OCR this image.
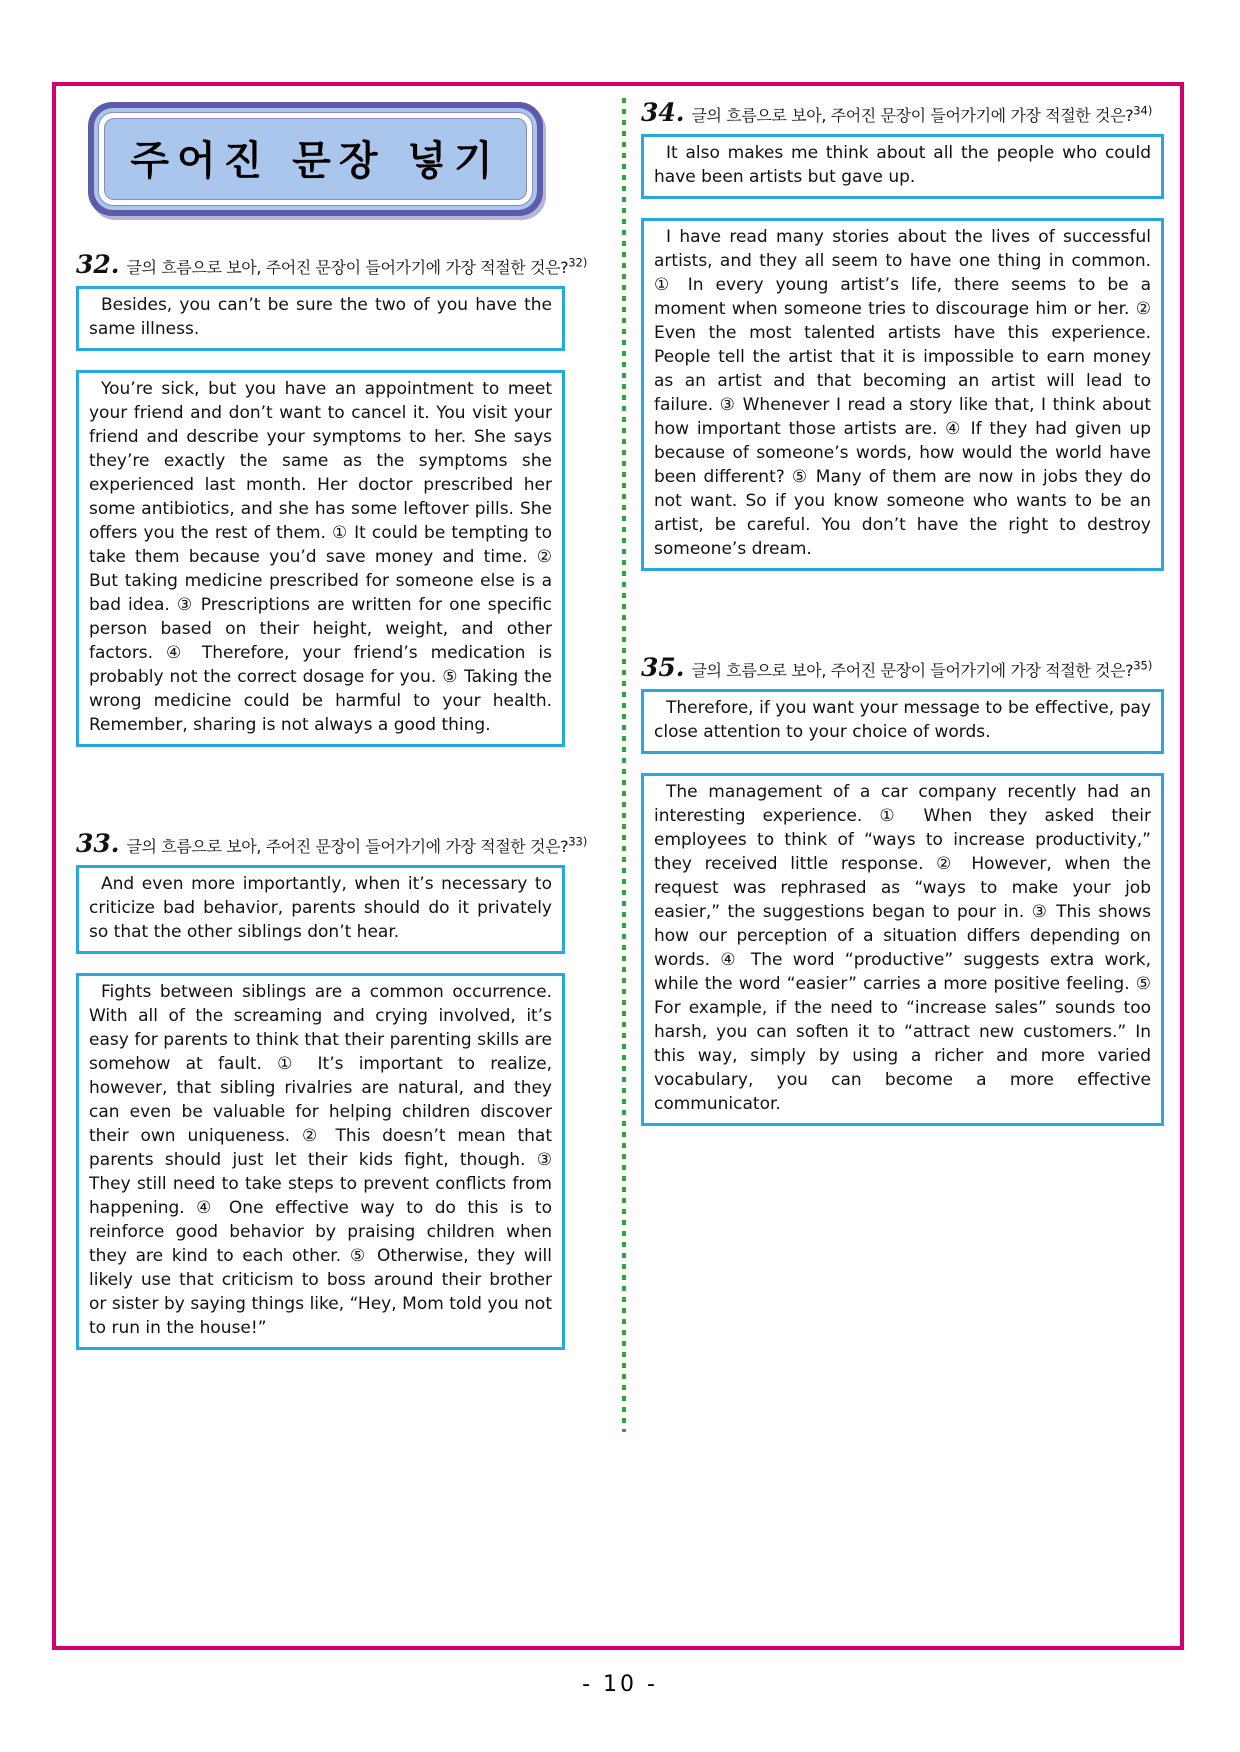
주어진 문장 넣기
32. 글의 흐름으로 보아, 주어진 문장이 들어가기에 가장 적절한 것은?$^{32)}$

Besides, you can’t be sure the two of you have the same illness.

You’re sick, but you have an appointment to meet your friend and don’t want to cancel it. You visit your friend and describe your symptoms to her. She says they’re exactly the same as the symptoms she experienced last month. Her doctor prescribed her some antibiotics, and she has some leftover pills. She offers you the rest of them. ① It could be tempting to take them because you’d save money and time. ② But taking medicine prescribed for someone else is a bad idea. ③ Prescriptions are written for one specific person based on their height, weight, and other factors. ④ Therefore, your friend’s medication is probably not the correct dosage for you. ⑤ Taking the wrong medicine could be harmful to your health. Remember, sharing is not always a good thing.

33. 글의 흐름으로 보아, 주어진 문장이 들어가기에 가장 적절한 것은?$^{33)}$

And even more importantly, when it’s necessary to criticize bad behavior, parents should do it privately so that the other siblings don’t hear.

Fights between siblings are a common occurrence. With all of the screaming and crying involved, it’s easy for parents to think that their parenting skills are somehow at fault. ① It’s important to realize, however, that sibling rivalries are natural, and they can even be valuable for helping children discover their own uniqueness. ② This doesn’t mean that parents should just let their kids fight, though. ③ They still need to take steps to prevent conflicts from happening. ④ One effective way to do this is to reinforce good behavior by praising children when they are kind to each other. ⑤ Otherwise, they will likely use that criticism to boss around their brother or sister by saying things like, “Hey, Mom told you not to run in the house!”

34. 글의 흐름으로 보아, 주어진 문장이 들어가기에 가장 적절한 것은?$^{34)}$

It also makes me think about all the people who could have been artists but gave up.

I have read many stories about the lives of successful artists, and they all seem to have one thing in common. ① In every young artist’s life, there seems to be a moment when someone tries to discourage him or her. ② Even the most talented artists have this experience. People tell the artist that it is impossible to earn money as an artist and that becoming an artist will lead to failure. ③ Whenever I read a story like that, I think about how important those artists are. ④ If they had given up because of someone’s words, how would the world have been different? ⑤ Many of them are now in jobs they do not want. So if you know someone who wants to be an artist, be careful. You don’t have the right to destroy someone’s dream.

35. 글의 흐름으로 보아, 주어진 문장이 들어가기에 가장 적절한 것은?$^{35)}$

Therefore, if you want your message to be effective, pay close attention to your choice of words.

The management of a car company recently had an interesting experience. ① When they asked their employees to think of “ways to increase productivity,” they received little response. ② However, when the request was rephrased as “ways to make your job easier,” the suggestions began to pour in. ③ This shows how our perception of a situation differs depending on words. ④ The word “productive” suggests extra work, while the word “easier” carries a more positive feeling. ⑤ For example, if the need to “increase sales” sounds too harsh, you can soften it to “attract new customers.” In this way, simply by using a richer and more varied vocabulary, you can become a more effective communicator.

- 10 -
